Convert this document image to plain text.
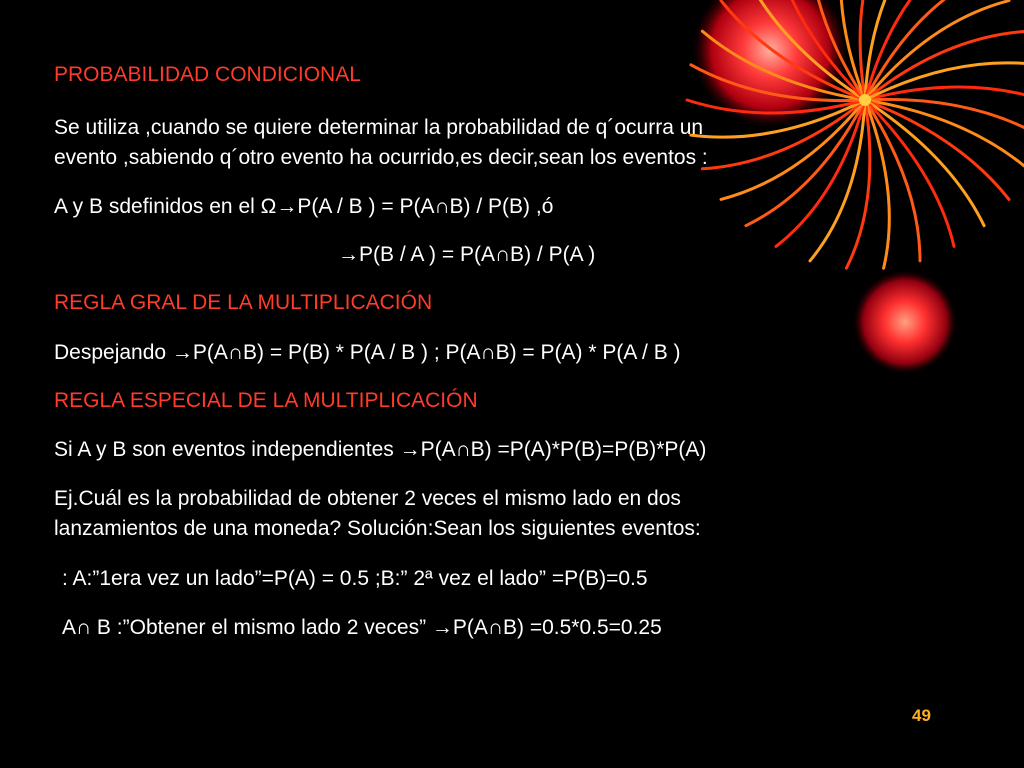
PROBABILIDAD CONDICIONAL

Se utiliza ,cuando se quiere determinar la probabilidad de q´ocurra un

evento ,sabiendo q´otro evento ha ocurrido,es decir,sean los eventos :

A y B sdefinidos en el Ω→P(A / B ) = P(A∩B) / P(B) ,ó

→P(B / A ) = P(A∩B) / P(A )

REGLA GRAL DE LA MULTIPLICACIÓN

Despejando →P(A∩B) = P(B) * P(A / B ) ; P(A∩B) = P(A) * P(A / B )

REGLA ESPECIAL DE LA MULTIPLICACIÓN

Si A y B son eventos independientes →P(A∩B) =P(A)*P(B)=P(B)*P(A)

Ej.Cuál es la probabilidad de obtener 2 veces el mismo lado en dos

lanzamientos de una moneda? Solución:Sean los siguientes eventos:

: A:”1era vez un lado”=P(A) = 0.5 ;B:” 2ª vez el lado” =P(B)=0.5

A∩ B :”Obtener el mismo lado 2 veces” →P(A∩B) =0.5*0.5=0.25

49
